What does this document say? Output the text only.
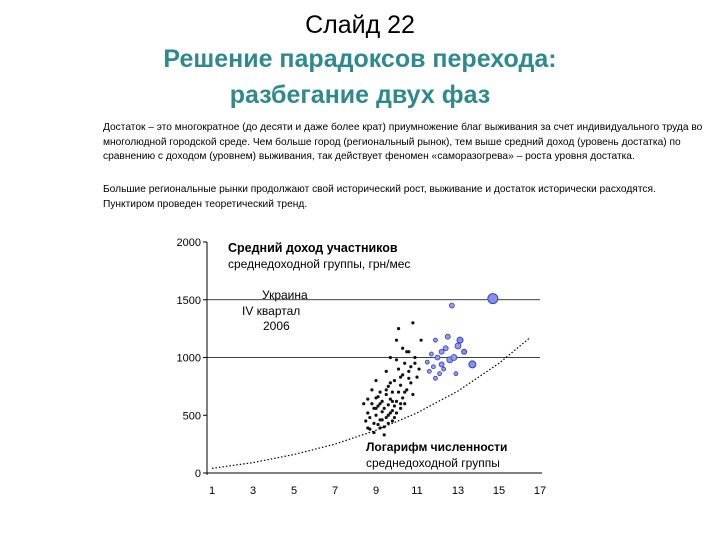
Слайд 22
Решение парадоксов перехода:
разбегание двух фаз

Достаток – это многократное (до десяти и даже более крат) приумножение благ выживания за счет индивидуального труда во многолюдной городской среде. Чем больше город (региональный рынок), тем выше средний доход (уровень достатка) по сравнению с доходом (уровнем) выживания, так действует феномен «саморазогрева» – роста уровня достатка.

Большие региональные рынки продолжают свой исторический рост, выживание и достаток исторически расходятся. Пунктиром проведен теоретический тренд.

0
500
1000
1500
2000
1	3	5	7	9	11	13	15	17
Средний доход участников
среднедоходной группы, грн/мес
Украина
IV квартал
2006
Логарифм численности
среднедоходной группы
